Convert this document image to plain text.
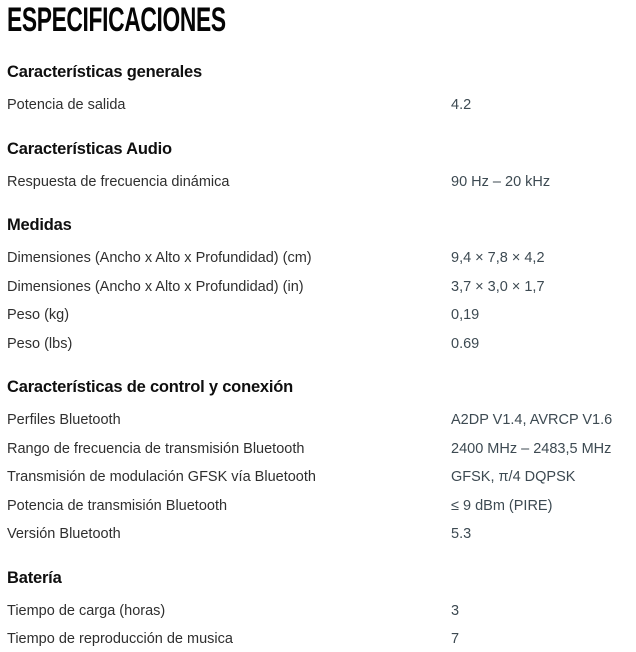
ESPECIFICACIONES
Características generales
Potencia de salida	4.2
Características Audio
Respuesta de frecuencia dinámica	90 Hz – 20 kHz
Medidas
Dimensiones (Ancho x Alto x Profundidad) (cm)	9,4 × 7,8 × 4,2
Dimensiones (Ancho x Alto x Profundidad) (in)	3,7 × 3,0 × 1,7
Peso (kg)	0,19
Peso (lbs)	0.69
Características de control y conexión
Perfiles Bluetooth	A2DP V1.4, AVRCP V1.6
Rango de frecuencia de transmisión Bluetooth	2400 MHz – 2483,5 MHz
Transmisión de modulación GFSK vía Bluetooth	GFSK, π/4 DQPSK
Potencia de transmisión Bluetooth	≤ 9 dBm (PIRE)
Versión Bluetooth	5.3
Batería
Tiempo de carga (horas)	3
Tiempo de reproducción de musica	7
